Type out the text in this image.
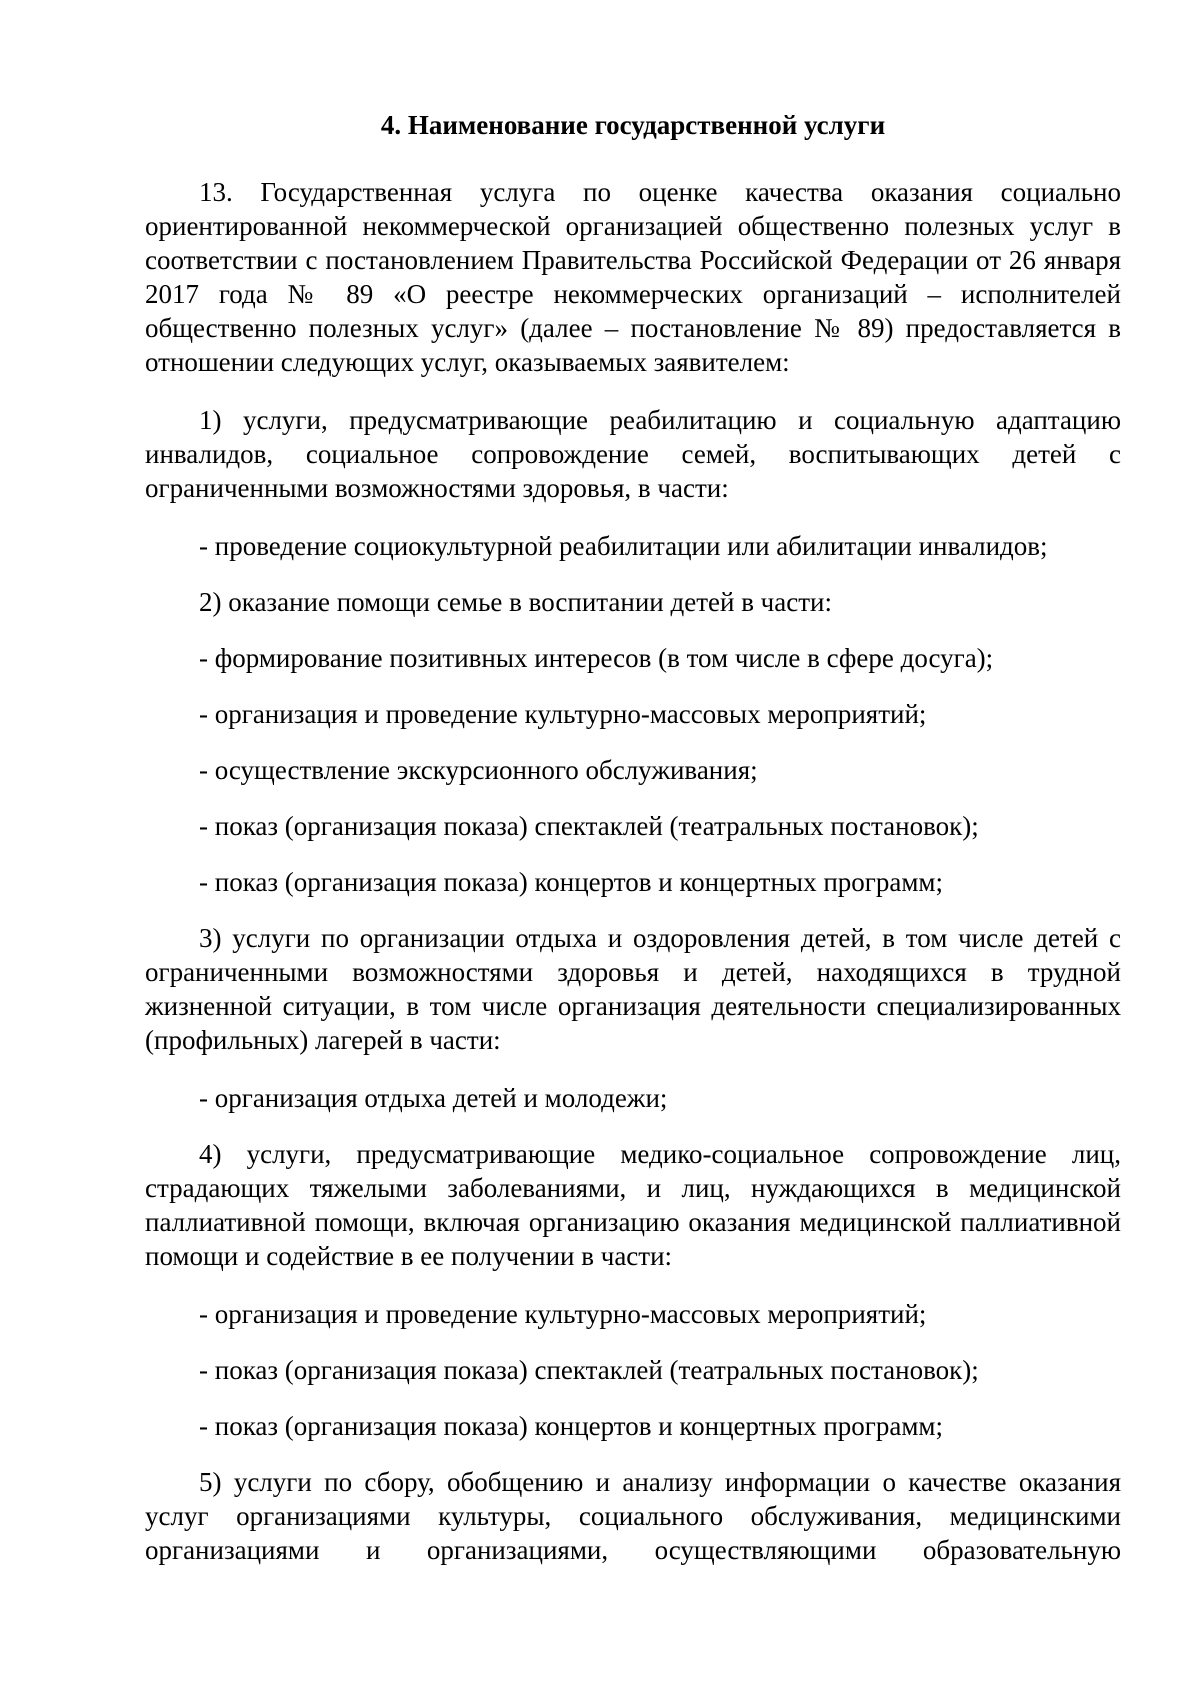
4. Наименование государственной услуги

13. Государственная услуга по оценке качества оказания социально ориентированной некоммерческой организацией общественно полезных услуг в соответствии с постановлением Правительства Российской Федерации от 26 января 2017 года № 89 «О реестре некоммерческих организаций – исполнителей общественно полезных услуг» (далее – постановление № 89) предоставляется в отношении следующих услуг, оказываемых заявителем:

1) услуги, предусматривающие реабилитацию и социальную адаптацию инвалидов, социальное сопровождение семей, воспитывающих детей с ограниченными возможностями здоровья, в части:

- проведение социокультурной реабилитации или абилитации инвалидов;

2) оказание помощи семье в воспитании детей в части:

- формирование позитивных интересов (в том числе в сфере досуга);

- организация и проведение культурно-массовых мероприятий;

- осуществление экскурсионного обслуживания;

- показ (организация показа) спектаклей (театральных постановок);

- показ (организация показа) концертов и концертных программ;

3) услуги по организации отдыха и оздоровления детей, в том числе детей с ограниченными возможностями здоровья и детей, находящихся в трудной жизненной ситуации, в том числе организация деятельности специализированных (профильных) лагерей в части:

- организация отдыха детей и молодежи;

4) услуги, предусматривающие медико-социальное сопровождение лиц, страдающих тяжелыми заболеваниями, и лиц, нуждающихся в медицинской паллиативной помощи, включая организацию оказания медицинской паллиативной помощи и содействие в ее получении в части:

- организация и проведение культурно-массовых мероприятий;

- показ (организация показа) спектаклей (театральных постановок);

- показ (организация показа) концертов и концертных программ;

5) услуги по сбору, обобщению и анализу информации о качестве оказания услуг организациями культуры, социального обслуживания, медицинскими организациями и организациями, осуществляющими образовательную
